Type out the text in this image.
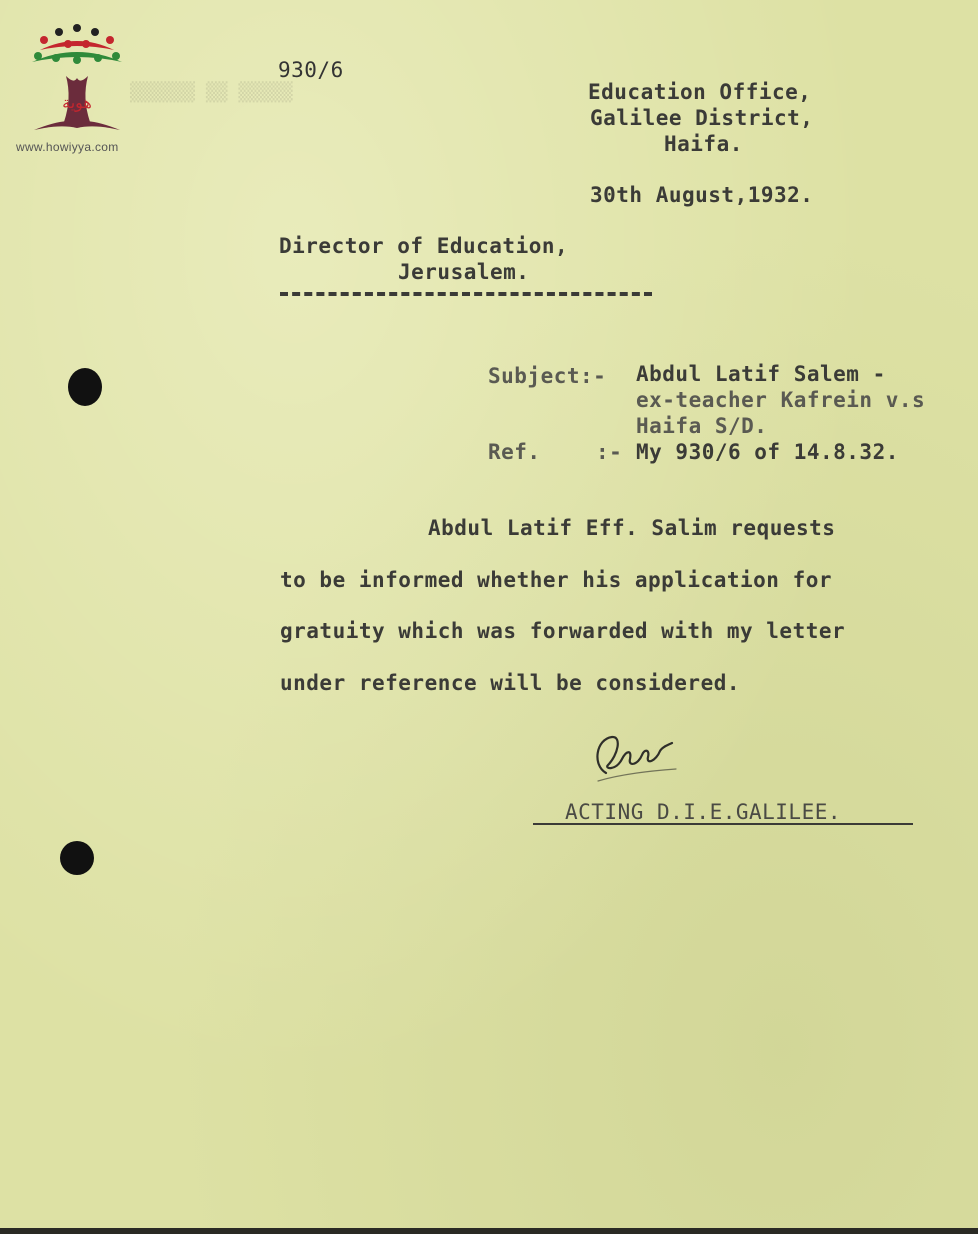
▒▒▒▒▒ ▒▒ ▒▒▒▒▒▒
هوية
www.howiyya.com
930/6
Education Office,
Galilee District,
Haifa.
30th August,1932.
Director of Education,
Jerusalem.
Subject:- Abdul Latif Salem -
ex-teacher Kafrein v.s
Haifa S/D.
Ref.	:- My 930/6 of 14.8.32.
Abdul Latif Eff. Salim requests
to be informed whether his application for
gratuity which was forwarded with my letter
under reference will be considered.
ACTING D.I.E.GALILEE.
